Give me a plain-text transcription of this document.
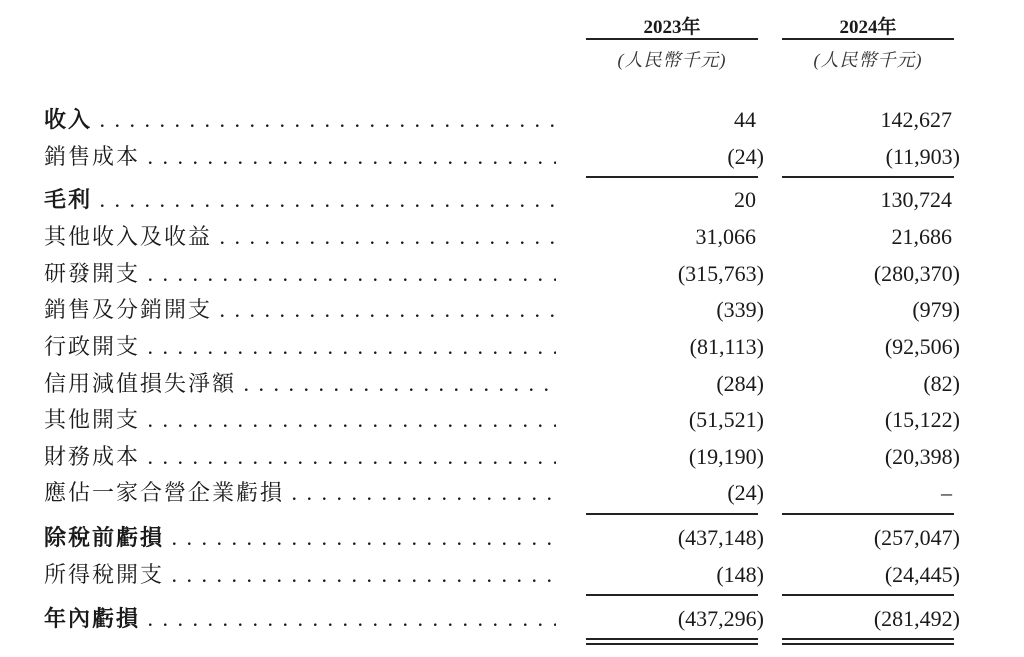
2023年
(人民幣千元)
2024年
(人民幣千元)
收入 . . .	44	142,627
銷售成本 . . .	(24)	(11,903)
毛利 . . .	20	130,724
其他收入及收益 . . .	31,066	21,686
研發開支 . . .	(315,763)	(280,370)
銷售及分銷開支 . . .	(339)	(979)
行政開支 . . .	(81,113)	(92,506)
信用減值損失淨額 . . .	(284)	(82)
其他開支 . . .	(51,521)	(15,122)
財務成本 . . .	(19,190)	(20,398)
應佔一家合營企業虧損 . . .	(24)	–
除稅前虧損 . . .	(437,148)	(257,047)
所得稅開支 . . .	(148)	(24,445)
年內虧損 . . .	(437,296)	(281,492)
